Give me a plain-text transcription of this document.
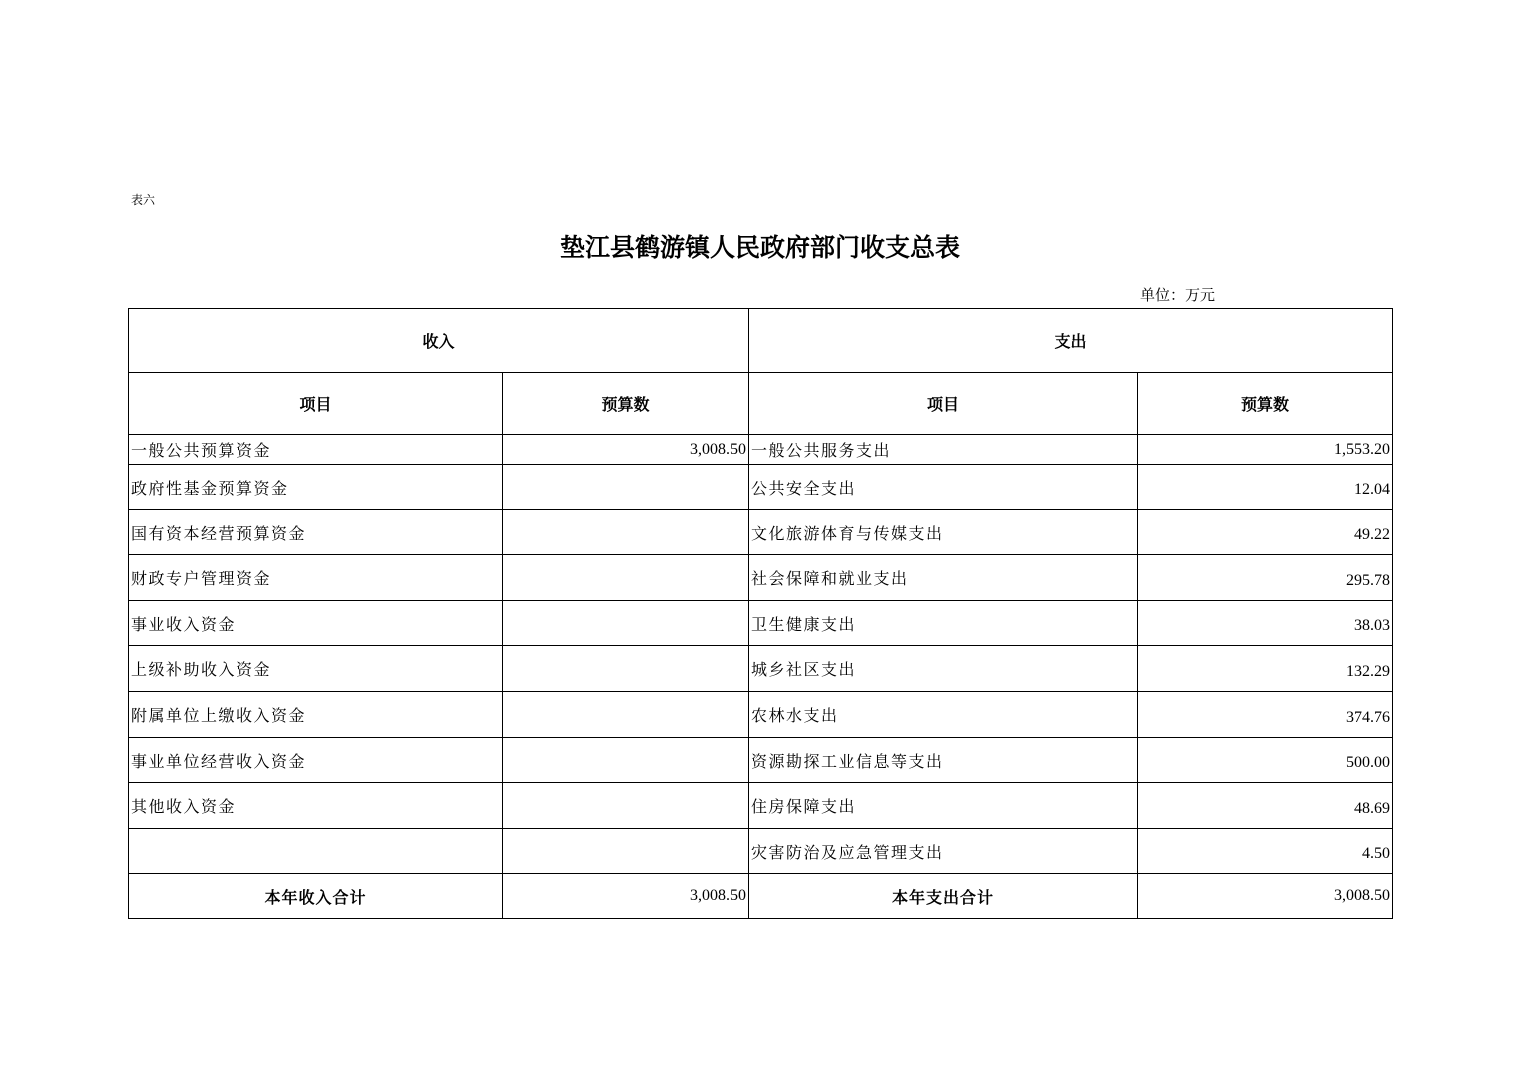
表六
垫江县鹤游镇人民政府部门收支总表
单位：万元
收入		支出	
项目	预算数	项目	预算数
一般公共预算资金	3,008.50	一般公共服务支出	1,553.20
政府性基金预算资金		公共安全支出	12.04
国有资本经营预算资金		文化旅游体育与传媒支出	49.22
财政专户管理资金		社会保障和就业支出	295.78
事业收入资金		卫生健康支出	38.03
上级补助收入资金		城乡社区支出	132.29
附属单位上缴收入资金		农林水支出	374.76
事业单位经营收入资金		资源勘探工业信息等支出	500.00
其他收入资金		住房保障支出	48.69
		灾害防治及应急管理支出	4.50
本年收入合计	3,008.50	本年支出合计	3,008.50
